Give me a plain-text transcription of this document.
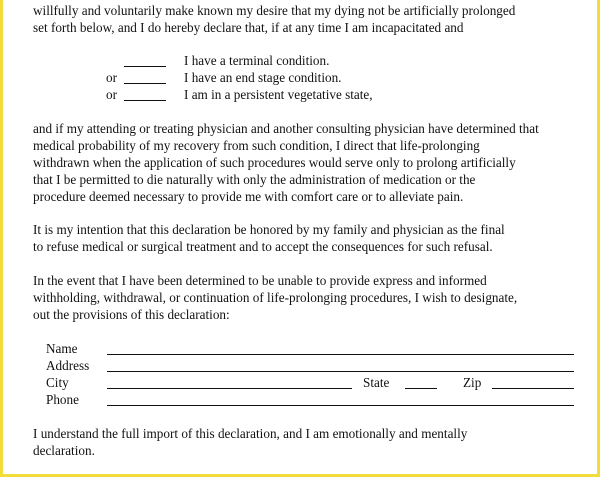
willfully and voluntarily make known my desire that my dying not be artificially prolonged
set forth below, and I do hereby declare that, if at any time I am incapacitated and
I have a terminal condition.
or	I have an end stage condition.
or	I am in a persistent vegetative state,
and if my attending or treating physician and another consulting physician have determined that
medical probability of my recovery from such condition, I direct that life-prolonging
withdrawn when the application of such procedures would serve only to prolong artificially
that I be permitted to die naturally with only the administration of medication or the
procedure deemed necessary to provide me with comfort care or to alleviate pain.
It is my intention that this declaration be honored by my family and physician as the final
to refuse medical or surgical treatment and to accept the consequences for such refusal.
In the event that I have been determined to be unable to provide express and informed
withholding, withdrawal, or continuation of life-prolonging procedures, I wish to designate,
out the provisions of this declaration:
Name
Address
City	State	Zip
Phone
I understand the full import of this declaration, and I am emotionally and mentally
declaration.
